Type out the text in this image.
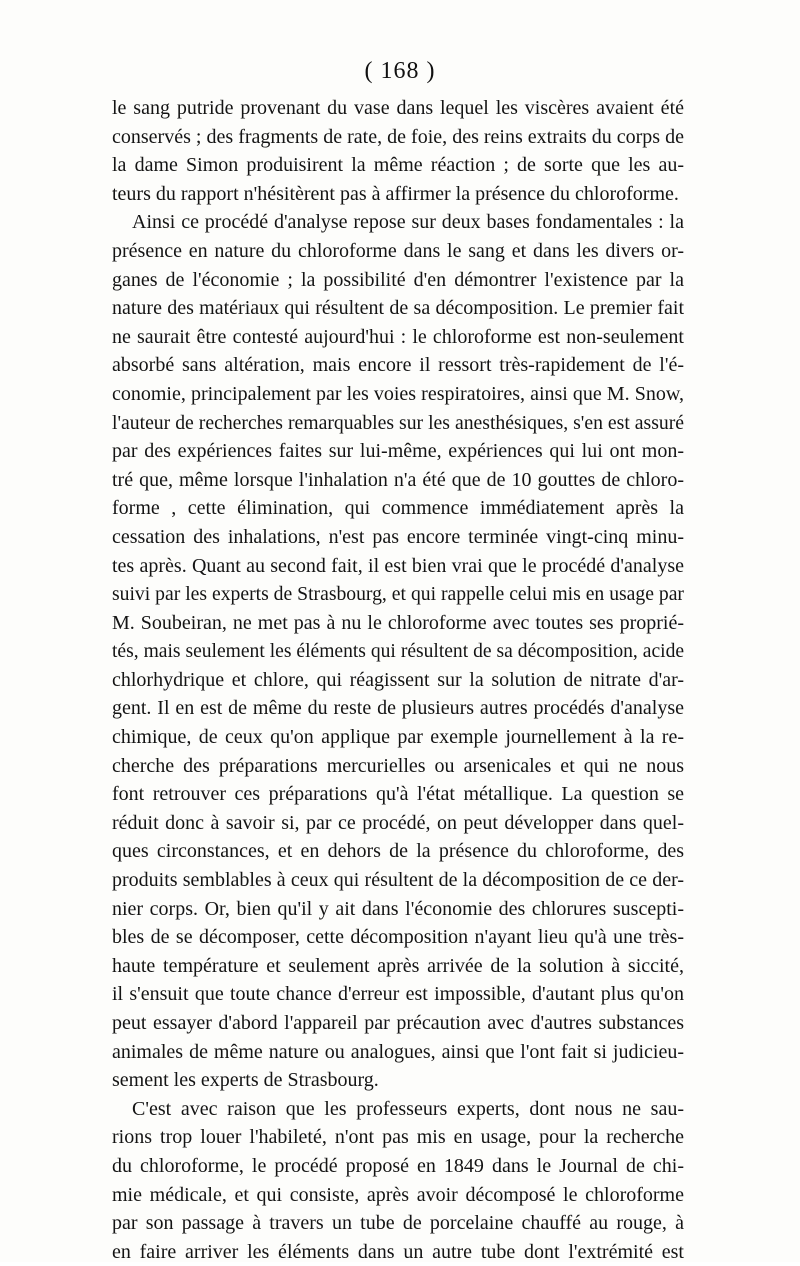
( 168 )
le sang putride provenant du vase dans lequel les viscères avaient été
conservés ; des fragments de rate, de foie, des reins extraits du corps de
la dame Simon produisirent la même réaction ; de sorte que les au-
teurs du rapport n'hésitèrent pas à affirmer la présence du chloroforme.
Ainsi ce procédé d'analyse repose sur deux bases fondamentales : la
présence en nature du chloroforme dans le sang et dans les divers or-
ganes de l'économie ; la possibilité d'en démontrer l'existence par la
nature des matériaux qui résultent de sa décomposition. Le premier fait
ne saurait être contesté aujourd'hui : le chloroforme est non-seulement
absorbé sans altération, mais encore il ressort très-rapidement de l'é-
conomie, principalement par les voies respiratoires, ainsi que M. Snow,
l'auteur de recherches remarquables sur les anesthésiques, s'en est assuré
par des expériences faites sur lui-même, expériences qui lui ont mon-
tré que, même lorsque l'inhalation n'a été que de 10 gouttes de chloro-
forme , cette élimination, qui commence immédiatement après la
cessation des inhalations, n'est pas encore terminée vingt-cinq minu-
tes après. Quant au second fait, il est bien vrai que le procédé d'analyse
suivi par les experts de Strasbourg, et qui rappelle celui mis en usage par
M. Soubeiran, ne met pas à nu le chloroforme avec toutes ses proprié-
tés, mais seulement les éléments qui résultent de sa décomposition, acide
chlorhydrique et chlore, qui réagissent sur la solution de nitrate d'ar-
gent. Il en est de même du reste de plusieurs autres procédés d'analyse
chimique, de ceux qu'on applique par exemple journellement à la re-
cherche des préparations mercurielles ou arsenicales et qui ne nous
font retrouver ces préparations qu'à l'état métallique. La question se
réduit donc à savoir si, par ce procédé, on peut développer dans quel-
ques circonstances, et en dehors de la présence du chloroforme, des
produits semblables à ceux qui résultent de la décomposition de ce der-
nier corps. Or, bien qu'il y ait dans l'économie des chlorures suscepti-
bles de se décomposer, cette décomposition n'ayant lieu qu'à une très-
haute température et seulement après arrivée de la solution à siccité,
il s'ensuit que toute chance d'erreur est impossible, d'autant plus qu'on
peut essayer d'abord l'appareil par précaution avec d'autres substances
animales de même nature ou analogues, ainsi que l'ont fait si judicieu-
sement les experts de Strasbourg.
C'est avec raison que les professeurs experts, dont nous ne sau-
rions trop louer l'habileté, n'ont pas mis en usage, pour la recherche
du chloroforme, le procédé proposé en 1849 dans le Journal de chi-
mie médicale, et qui consiste, après avoir décomposé le chloroforme
par son passage à travers un tube de porcelaine chauffé au rouge, à
en faire arriver les éléments dans un autre tube dont l'extrémité est
